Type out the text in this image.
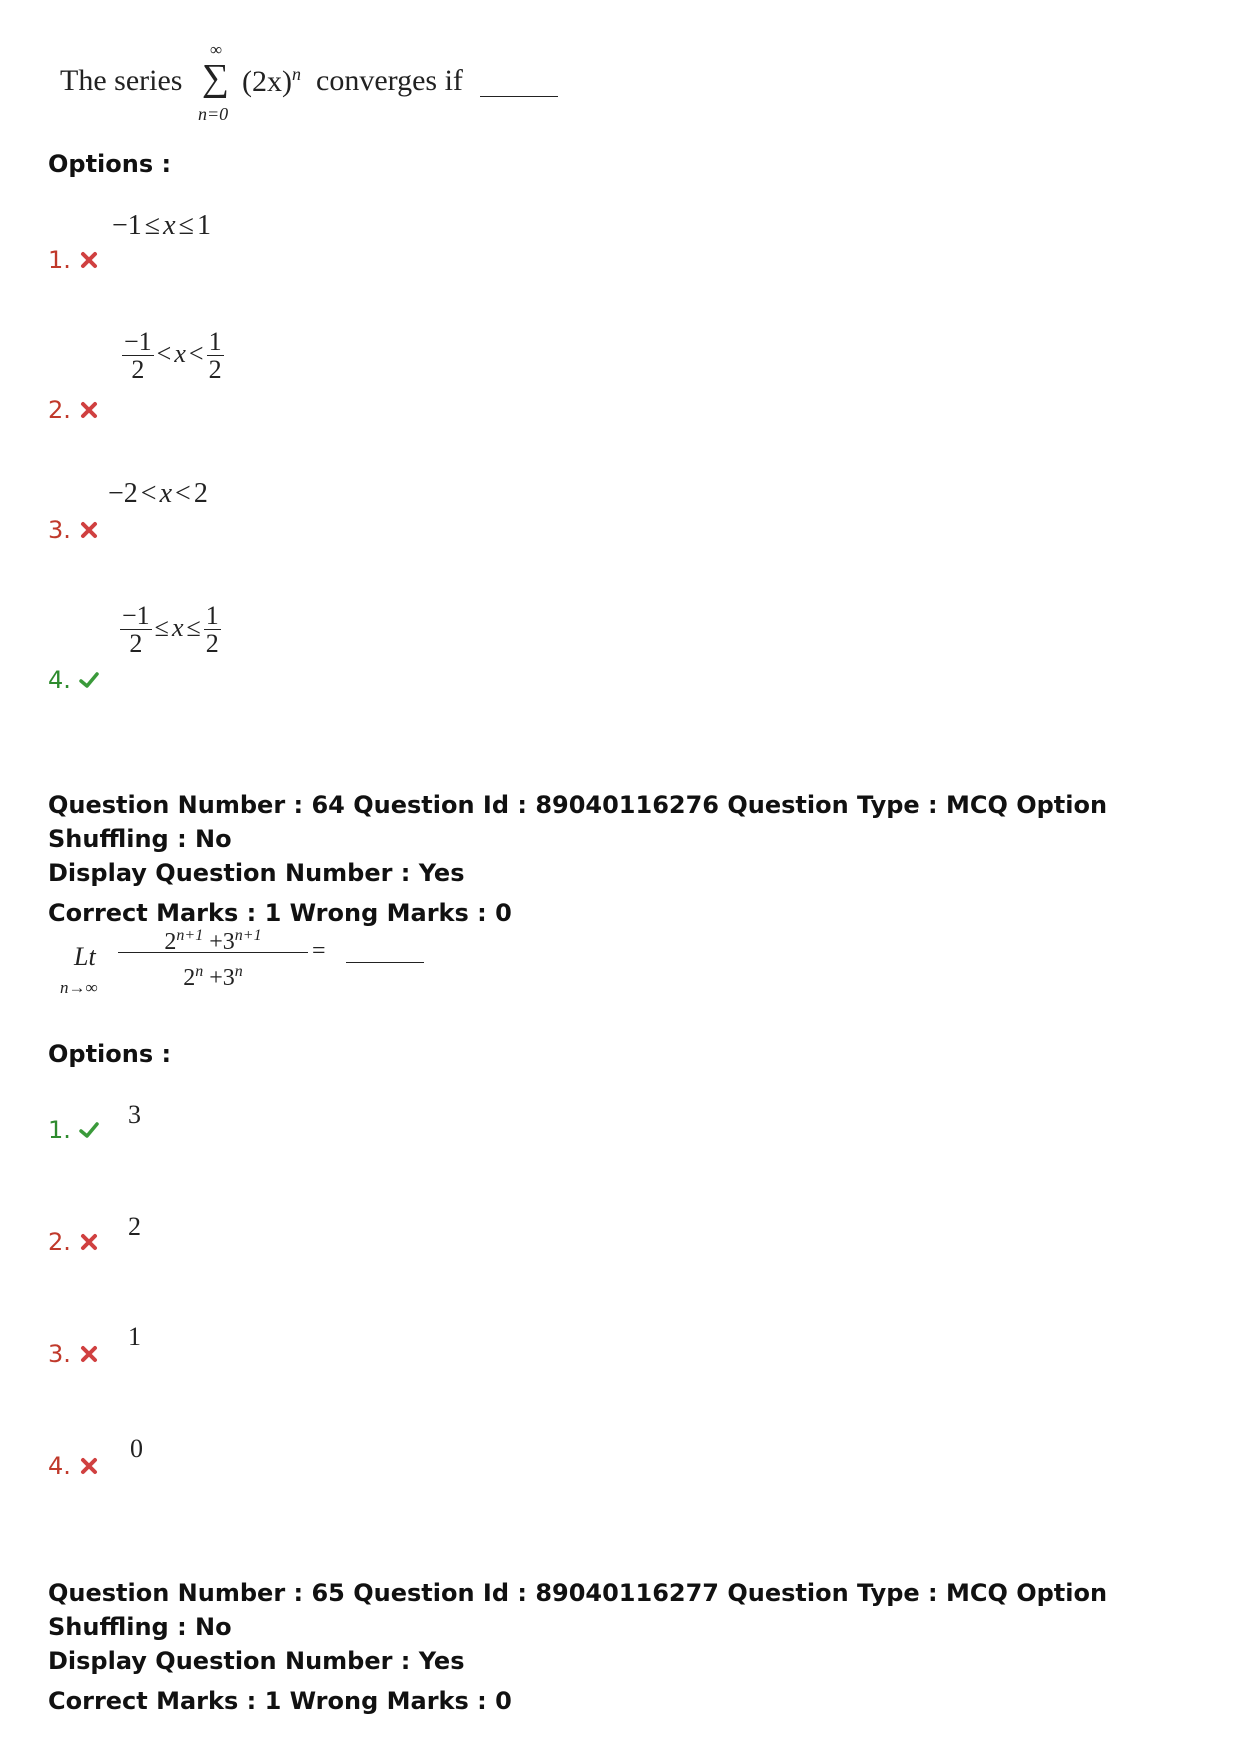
The series
∞
∑
n=0
$(2x)^n$ converges if
Options :
1.
−1 ≤ x ≤ 1
2.
$\frac{-1}{2} < x < \frac{1}{2}$
3.
−2 < x < 2
4.
$\frac{-1}{2} \le x \le \frac{1}{2}$
Question Number : 64 Question Id : 89040116276 Question Type : MCQ Option Shuffling : No
Display Question Number : Yes
Correct Marks : 1 Wrong Marks : 0
Lt
$n\to\infty \frac{2^{n+1} +3^{n+1}}{2^n +3^n}$ =
Options :
1.
3
2.
2
3.
1
4.
0
Question Number : 65 Question Id : 89040116277 Question Type : MCQ Option Shuffling : No
Display Question Number : Yes
Correct Marks : 1 Wrong Marks : 0
